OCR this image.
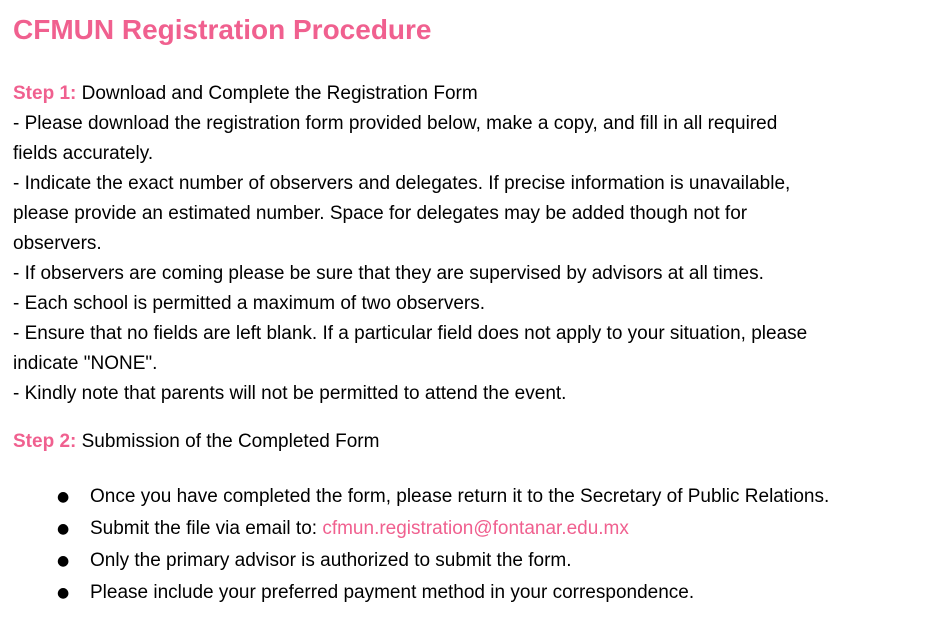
CFMUN Registration Procedure

Step 1: Download and Complete the Registration Form

- Please download the registration form provided below, make a copy, and fill in all required
fields accurately.
- Indicate the exact number of observers and delegates. If precise information is unavailable,
please provide an estimated number. Space for delegates may be added though not for
observers.
- If observers are coming please be sure that they are supervised by advisors at all times.
- Each school is permitted a maximum of two observers.
- Ensure that no fields are left blank. If a particular field does not apply to your situation, please
indicate "NONE".
- Kindly note that parents will not be permitted to attend the event.

Step 2: Submission of the Completed Form

● Once you have completed the form, please return it to the Secretary of Public Relations.
● Submit the file via email to: cfmun.registration@fontanar.edu.mx
● Only the primary advisor is authorized to submit the form.
● Please include your preferred payment method in your correspondence.
